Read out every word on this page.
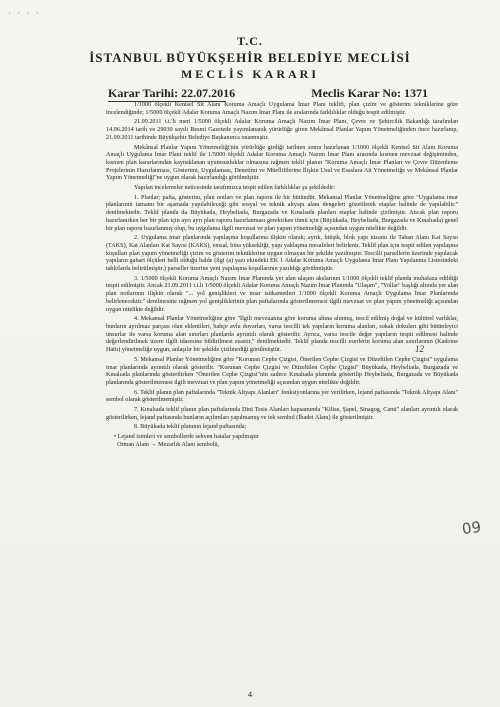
· · · ·
T.C.
İSTANBUL BÜYÜKŞEHİR BELEDİYE MECLİSİ
MECLİS KARARI
Karar Tarihi: 22.07.2016	Meclis Karar No: 1371

1/1000 ölçekli Kentsel Sit Alanı Koruma Amaçlı Uygulama İmar Planı teklifi, plan çizim ve gösterim tekniklerine göre incelendiğinde; 1/5000 ölçekli Adalar Koruma Amaçlı Nazım İmar Planı ile aralarında farklılıklar olduğu tespit edilmiştir.

21.09.2011 t.t.'li meri 1/5000 ölçekli Adalar Koruma Amaçlı Nazım İmar Planı, Çevre ve Şehircilik Bakanlığı tarafından 14.06.2014 tarih ve 29030 sayılı Resmi Gazetede yayımlanarak yürürlüğe giren Mekânsal Planlar Yapım Yönetmeliğinden önce hazırlanıp, 21.09.2011 tarihinde Büyükşehir Belediye Başkanınca onanmıştır.

Mekânsal Planlar Yapım Yönetmeliği'nin yürürlüğe girdiği tarihten sonra hazırlanan 1/1000 ölçekli Kentsel Sit Alanı Koruma Amaçlı Uygulama İmar Planı teklif ile 1/5000 ölçekli Adalar Koruma Amaçlı Nazım İmar Planı arasında kısmen mevzuat değişiminden, kısmen plan kararlarından kaynaklanan uyumsuzluklar olmasına rağmen teklif planın "Koruma Amaçlı İmar Planları ve Çevre Düzenleme Projelerinin Hazırlanması, Gösterimi, Uygulaması, Denetimi ve Müellifilerine İlişkin Usul ve Esaslara Ait Yönetmeliğe ve Mekânsal Planlar Yapım Yönetmeliği"ne uygun olarak hazırlandığı görülmüştür.

Yapılan incelemeler neticesinde tarafımızca tespit edilen farklılıklar şu şekildedir:

1. Planlar; pafta, gösterim, plan notları ve plan raporu ile bir bütündür. Mekansal Planlar Yönetmeliğine göre "Uygulama imar planlarının tamamı bir aşamada yapılabileceği gibi sosyal ve teknik altyapı alanı dengeleri gözetilerek etaplar halinde de yapılabilir." denilmektedir. Teklif planda da Büyükada, Heybeliada, Burgazada ve Kınalıada planları etaplar halinde çizilmiştir. Ancak plan raporu hazırlanırken her bir plan için ayrı ayrı plan raporu hazırlanması gerekirken tümü için (Büyükada, Heybeliada, Burgazada ve Kınalıada) genel bir plan raporu hazırlanmış olup, bu uygulama ilgili mevzuat ve plan yapım yönetmeliği açısından uygun nitelikte değildir.

2. Uygulama imar planlarında yapılaşma koşullarına ilişkin olarak; ayrık, bitişik, blok yapı nizamı ile Taban Alanı Kat Sayısı (TAKS), Kat Alanları Kat Sayısı (KAKS), emsal, bina yüksekliği, yapı yaklaşma mesafeleri belirlenir. Teklif plan için tespit edilen yapılaşma koşulları plan yapım yönetmeliği çizim ve gösterim tekniklerine uygun olmayan bir şekilde yazılmıştır. Tescilli parsellerin üzerinde yapılacak yapıların gabari ölçüleri belli olduğu halde (ilgi (a) yazı ekindeki EK 1 Adalar Koruma Amaçlı Uygulama İmar Planı Yapılanma Listesindeki tablolarda belirtilmiştir.) parseller üzerine yeni yapılaşma koşullarının yazıldığı görülmüştür.

3. 1/5000 ölçekli Koruma Amaçlı Nazım İmar Planında yer alan ulaşım akslarının 1/1000 ölçekli teklif planda muhafaza edildiği tespit edilmiştir. Ancak 21.09.2011 t.t.li 1/5000 ölçekli Adalar Koruma Amaçlı Nazım İmar Planında "Ulaşım", "Yollar" başlığı altında yer alan plan notlarının ilişkin olarak "... yol genişlikleri ve imar istikametleri 1/1000 ölçekli Koruma Amaçlı Uygulama İmar Planlarında belirlenecektir." denilmesine rağmen yol genişliklerinin plan paftalarında gösterilmemesi ilgili mevzuat ve plan yapım yönetmeliği açısından uygun nitelikte değildir.

4. Mekansal Planlar Yönetmeliğine göre "İlgili mevzuatına göre koruma altına alınmış, tescil edilmiş doğal ve kültürel varlıklar, bunların ayrılmaz parçası olan eklentileri, bahçe avlu duvarları, varsa tescilli tek yapıların koruma alanları, sokak dokuları gibi bütünleyici unsurlar ile varsa koruma alan sınırları planlarda ayrıntılı olarak gösterilir. Ayrıca, varsa tescile değer yapıların tespit edilmesi halinde değerlendirilmek üzere ilgili idaresine bildirilmesi esastır." denilmektedir. Teklif planda tescilli eserlerin koruma alan sınırlarının (Kadome Hattı) yönetmeliğe uygun, anlaşılır bir şekilde çizilmediği görülmüştür.

5. Mekansal Planlar Yönetmeliğine göre "Korunan Cephe Çizgisi, Önerilen Cephe Çizgisi ve Düzeltilen Cephe Çizgisi" uygulama imar planlarında ayrıntılı olarak gösterilir. "Korunan Cephe Çizgisi ve Düzeltilen Cephe Çizgisi" Büyükada, Heybeliada, Burgazada ve Kınalıada planlarında gösterilirken "Önerilen Cephe Çizgisi"nin sadece Kınalıada planında gösterilip Heybeliada, Burgazada ve Büyükada planlarında gösterilmemesi ilgili mevzuat ve plan yapım yönetmeliği açısından uygun nitelikte değildir.

6. Teklif planın plan paftalarında "Teknik Altyapı Alanları" fonksiyonlarına yer verilirken, lejand paftasında "Teknik Altyapı Alanı" sembol olarak gösterilmemiştir.

7. Kınalıada teklif planın plan paftalarında Dini Tesis Alanları kapsamında "Kilise, Şapel, Sinagog, Cami" alanları ayrıntılı olarak gösterilirken, lejand paftasında bunların açılımları yapılmamış ve tek sembol (İbadet Alanı) ile gösterilmiştir.

8. Büyükada teklif planının lejand paftasında;

• Lejand isimleri ve sembollerde sehven hatalar yapılmıştır

Orman Alanı → Mezarlık Alanı sembolü,

12
09
4
